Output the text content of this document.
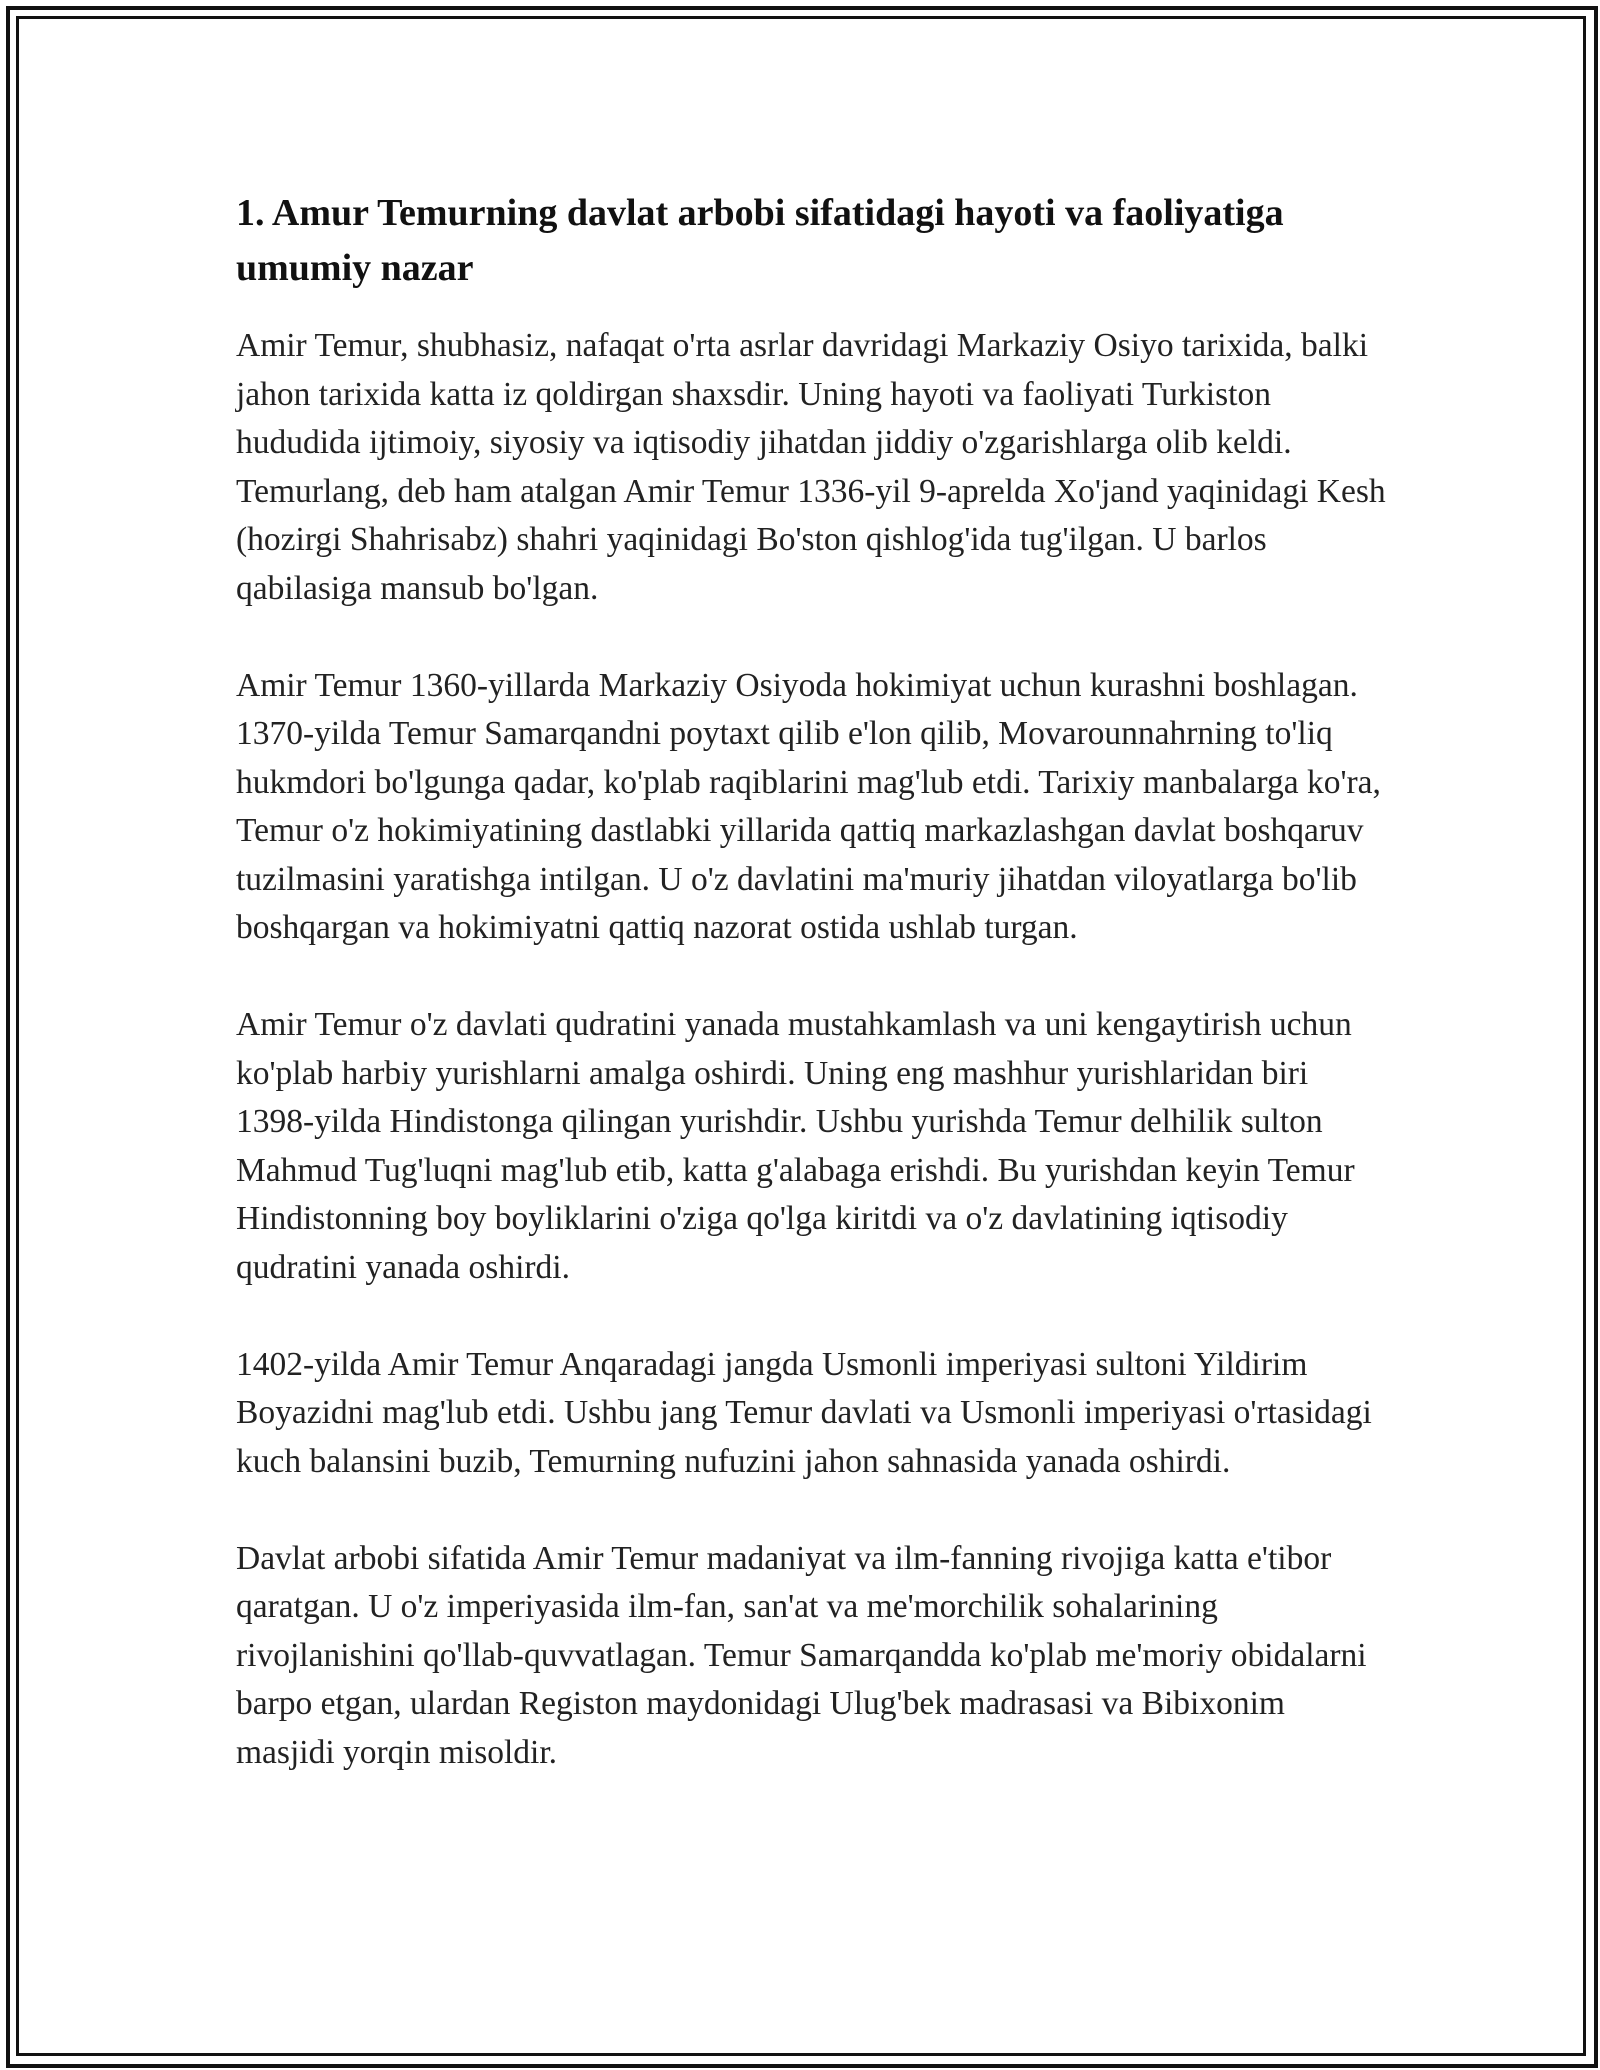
1. Amur Temurning davlat arbobi sifatidagi hayoti va faoliyatiga umumiy nazar

Amir Temur, shubhasiz, nafaqat o'rta asrlar davridagi Markaziy Osiyo tarixida, balki jahon tarixida katta iz qoldirgan shaxsdir. Uning hayoti va faoliyati Turkiston hududida ijtimoiy, siyosiy va iqtisodiy jihatdan jiddiy o'zgarishlarga olib keldi. Temurlang, deb ham atalgan Amir Temur 1336-yil 9-aprelda Xo'jand yaqinidagi Kesh (hozirgi Shahrisabz) shahri yaqinidagi Bo'ston qishlog'ida tug'ilgan. U barlos qabilasiga mansub bo'lgan.

Amir Temur 1360-yillarda Markaziy Osiyoda hokimiyat uchun kurashni boshlagan. 1370-yilda Temur Samarqandni poytaxt qilib e'lon qilib, Movarounnahrning to'liq hukmdori bo'lgunga qadar, ko'plab raqiblarini mag'lub etdi. Tarixiy manbalarga ko'ra, Temur o'z hokimiyatining dastlabki yillarida qattiq markazlashgan davlat boshqaruv tuzilmasini yaratishga intilgan. U o'z davlatini ma'muriy jihatdan viloyatlarga bo'lib boshqargan va hokimiyatni qattiq nazorat ostida ushlab turgan.

Amir Temur o'z davlati qudratini yanada mustahkamlash va uni kengaytirish uchun ko'plab harbiy yurishlarni amalga oshirdi. Uning eng mashhur yurishlaridan biri 1398-yilda Hindistonga qilingan yurishdir. Ushbu yurishda Temur delhilik sulton Mahmud Tug'luqni mag'lub etib, katta g'alabaga erishdi. Bu yurishdan keyin Temur Hindistonning boy boyliklarini o'ziga qo'lga kiritdi va o'z davlatining iqtisodiy qudratini yanada oshirdi.

1402-yilda Amir Temur Anqaradagi jangda Usmonli imperiyasi sultoni Yildirim Boyazidni mag'lub etdi. Ushbu jang Temur davlati va Usmonli imperiyasi o'rtasidagi kuch balansini buzib, Temurning nufuzini jahon sahnasida yanada oshirdi.

Davlat arbobi sifatida Amir Temur madaniyat va ilm-fanning rivojiga katta e'tibor qaratgan. U o'z imperiyasida ilm-fan, san'at va me'morchilik sohalarining rivojlanishini qo'llab-quvvatlagan. Temur Samarqandda ko'plab me'moriy obidalarni barpo etgan, ulardan Registon maydonidagi Ulug'bek madrasasi va Bibixonim masjidi yorqin misoldir.
